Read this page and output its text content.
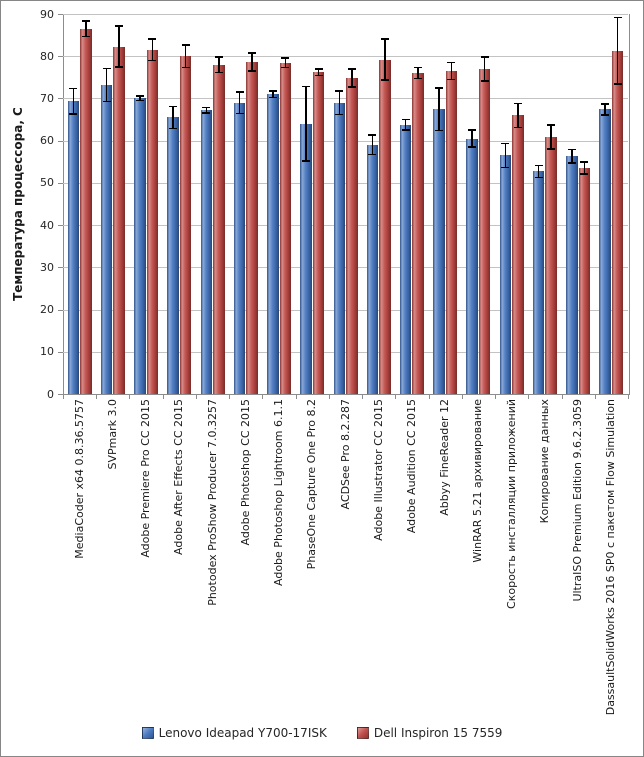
Температура процессора, С
0
10
20
30
40
50
60
70
80
90
MediaCoder x64 0.8.36.5757 SVPmark 3.0 Adobe Premiere Pro CC 2015 Adobe After Effects CC 2015 Photodex ProShow Producer 7.0.3257 Adobe Photoshop CC 2015 Adobe Photoshop Lightroom 6.1.1 PhaseOne Capture One Pro 8.2 ACDSee Pro 8.2.287 Adobe Illustrator CC 2015 Adobe Audition CC 2015 Abbyy FineReader 12 WinRAR 5.21 архивирование Скорость инсталляции приложений Копирование данных UltraISO Premium Edition 9.6.2.3059 DassaultSolidWorks 2016 SP0 с пакетом Flow Simulation
Lenovo Ideapad Y700-17ISK	Dell Inspiron 15 7559
